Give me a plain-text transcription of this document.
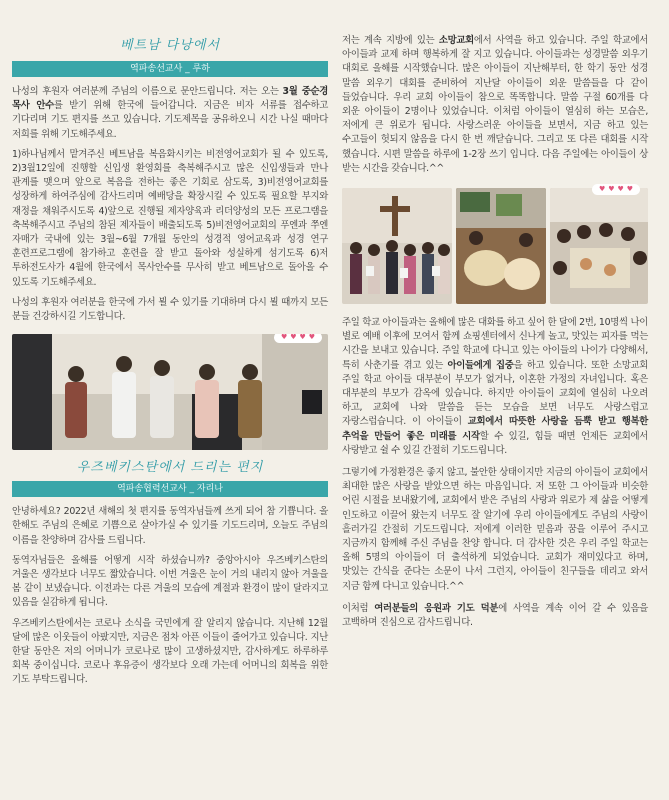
베트남 다낭에서
역파송선교사 _ 루하

나성의 후원자 여러분께 주님의 이름으로 문안드립니다. 저는 오는 3월 중순경 목사 안수를 받기 위해 한국에 들어갑니다. 지금은 비자 서류를 접수하고 기다리며 기도 편지를 쓰고 있습니다. 기도제목을 공유하오니 시간 나실 때마다 저희를 위해 기도해주세요.

1)하나님께서 맡겨주신 베트남을 복음화시키는 비전영어교회가 될 수 있도록, 2)3월12일에 진행할 신입생 환영회를 축복해주시고 많은 신입생들과 만나 관계를 맺으며 앞으로 복음을 전하는 좋은 기회로 삼도록, 3)비전영어교회를 성장하게 하여주심에 감사드리며 예배당을 확장시킬 수 있도록 필요할 부지와 재정을 채워주시도록 4)앞으로 진행될 제자양육과 리더양성의 모든 프로그램을 축복해주시고 주님의 참된 제자들이 배출되도록 5)비전영어교회의 푸엔과 쭈엔 자매가 국내에 있는 3월~6월 7개월 동안의 성경적 영어교육과 성경 연구 훈련프로그램에 참가하고 훈련을 잘 받고 돌아와 성실하게 섬기도록 6)저 투하전도사가 4월에 한국에서 목사안수를 무사히 받고 베트남으로 돌아올 수 있도록 기도해주세요.

나성의 후원자 여러분을 한국에 가서 뵐 수 있기를 기대하며 다시 뵐 때까지 모든 분들 건강하시길 기도합니다.

♥ ♥ ♥ ♥
우즈베키스탄에서 드리는 편지
역파송협력선교사 _ 자리나

안녕하세요? 2022년 새해의 첫 편지를 동역자님들께 쓰게 되어 참 기쁩니다. 올 한해도 주님의 은혜로 기쁨으로 살아가실 수 있기를 기도드리며, 오늘도 주님의 이름을 찬양하며 감사를 드립니다.

동역자님들은 올해를 어떻게 시작 하셨습니까? 중앙아시아 우즈베키스탄의 겨울은 생각보다 너무도 짧았습니다. 이번 겨울은 눈이 거의 내리지 않아 겨울을 봄 같이 보냈습니다. 이전과는 다른 겨울의 모습에 계절과 환경이 많이 달라지고 있음을 실감하게 됩니다.

우즈베키스탄에서는 코로나 소식을 국민에게 잘 알리지 않습니다. 지난해 12월 달에 많은 이웃들이 아팠지만, 지금은 점차 아픈 이들이 줄어가고 있습니다. 지난 한달 동안은 저의 어머니가 코로나로 많이 고생하셨지만, 감사하게도 하루하루 회복 중이십니다. 코로나 후유증이 생각보다 오래 가는데 어머니의 회복을 위한 기도 부탁드립니다.

저는 계속 지방에 있는 소망교회에서 사역을 하고 있습니다. 주일 학교에서 아이들과 교제 하며 행복하게 잘 지고 있습니다. 아이들과는 성경말씀 외우기 대회로 올해를 시작했습니다. 많은 아이들이 지난해부터, 한 학기 동안 성경 말씀 외우기 대회를 준비하여 지난달 아이들이 외운 말씀들을 다 같이 들었습니다. 우리 교회 아이들이 참으로 똑똑합니다. 말씀 구절 60개를 다 외운 아이들이 2명이나 있었습니다. 이처럼 아이들이 열심히 하는 모습은, 저에게 큰 위로가 됩니다. 사랑스러운 아이들을 보면서, 지금 하고 있는 수고들이 헛되지 않음을 다시 한 번 깨닫습니다. 그리고 또 다른 대회를 시작 했습니다. 시편 말씀을 하루에 1-2장 쓰기 입니다. 다음 주일에는 아이들이 상 받는 시간을 갖습니다.^^

♥ ♥ ♥ ♥

주일 학교 아이들과는 올해에 많은 대화를 하고 싶어 한 달에 2번, 10명씩 나이 별로 예배 이후에 모여서 함께 쇼핑센터에서 신나게 놀고, 맛있는 피자를 먹는 시간을 보내고 있습니다. 주일 학교에 다니고 있는 아이들의 나이가 다양해서, 특히 사춘기를 겪고 있는 아이들에게 집중을 하고 있습니다. 또한 소망교회 주일 학교 아이들 대부분이 부모가 없거나, 이혼한 가정의 자녀입니다. 혹은 대부분의 부모가 감옥에 있습니다. 하지만 아이들이 교회에 열심히 나오려 하고, 교회에 나와 말씀을 듣는 모습을 보면 너무도 사랑스럽고 자랑스럽습니다. 이 아이들이 교회에서 따뜻한 사랑을 듬뿍 받고 행복한 추억을 만들어 좋은 미래를 시작할 수 있길, 힘들 때면 언제든 교회에서 사랑받고 쉴 수 있길 간절히 기도드립니다.

그렇기에 가정환경은 좋지 않고, 불안한 상태이지만 지금의 아이들이 교회에서 최대한 많은 사랑을 받았으면 하는 마음입니다. 저 또한 그 아이들과 비슷한 어린 시절을 보내왔기에, 교회에서 받은 주님의 사랑과 위로가 제 삶을 어떻게 인도하고 이끌어 왔는지 너무도 잘 알기에 우리 아이들에게도 주님의 사랑이 흘러가길 간절히 기도드립니다. 저에게 이러한 믿음과 꿈을 이루어 주시고 지금까지 함께해 주신 주님을 찬양 합니다. 더 감사한 것은 우리 주일 학교는 올해 5명의 아이들이 더 출석하게 되었습니다. 교회가 재미있다고 하며, 맛있는 간식을 준다는 소문이 나서 그런지, 아이들이 친구들을 데리고 와서 지금 함께 다니고 있습니다.^^

이처럼 여러분들의 응원과 기도 덕분에 사역을 계속 이어 갈 수 있음을 고백하며 진심으로 감사드립니다.
